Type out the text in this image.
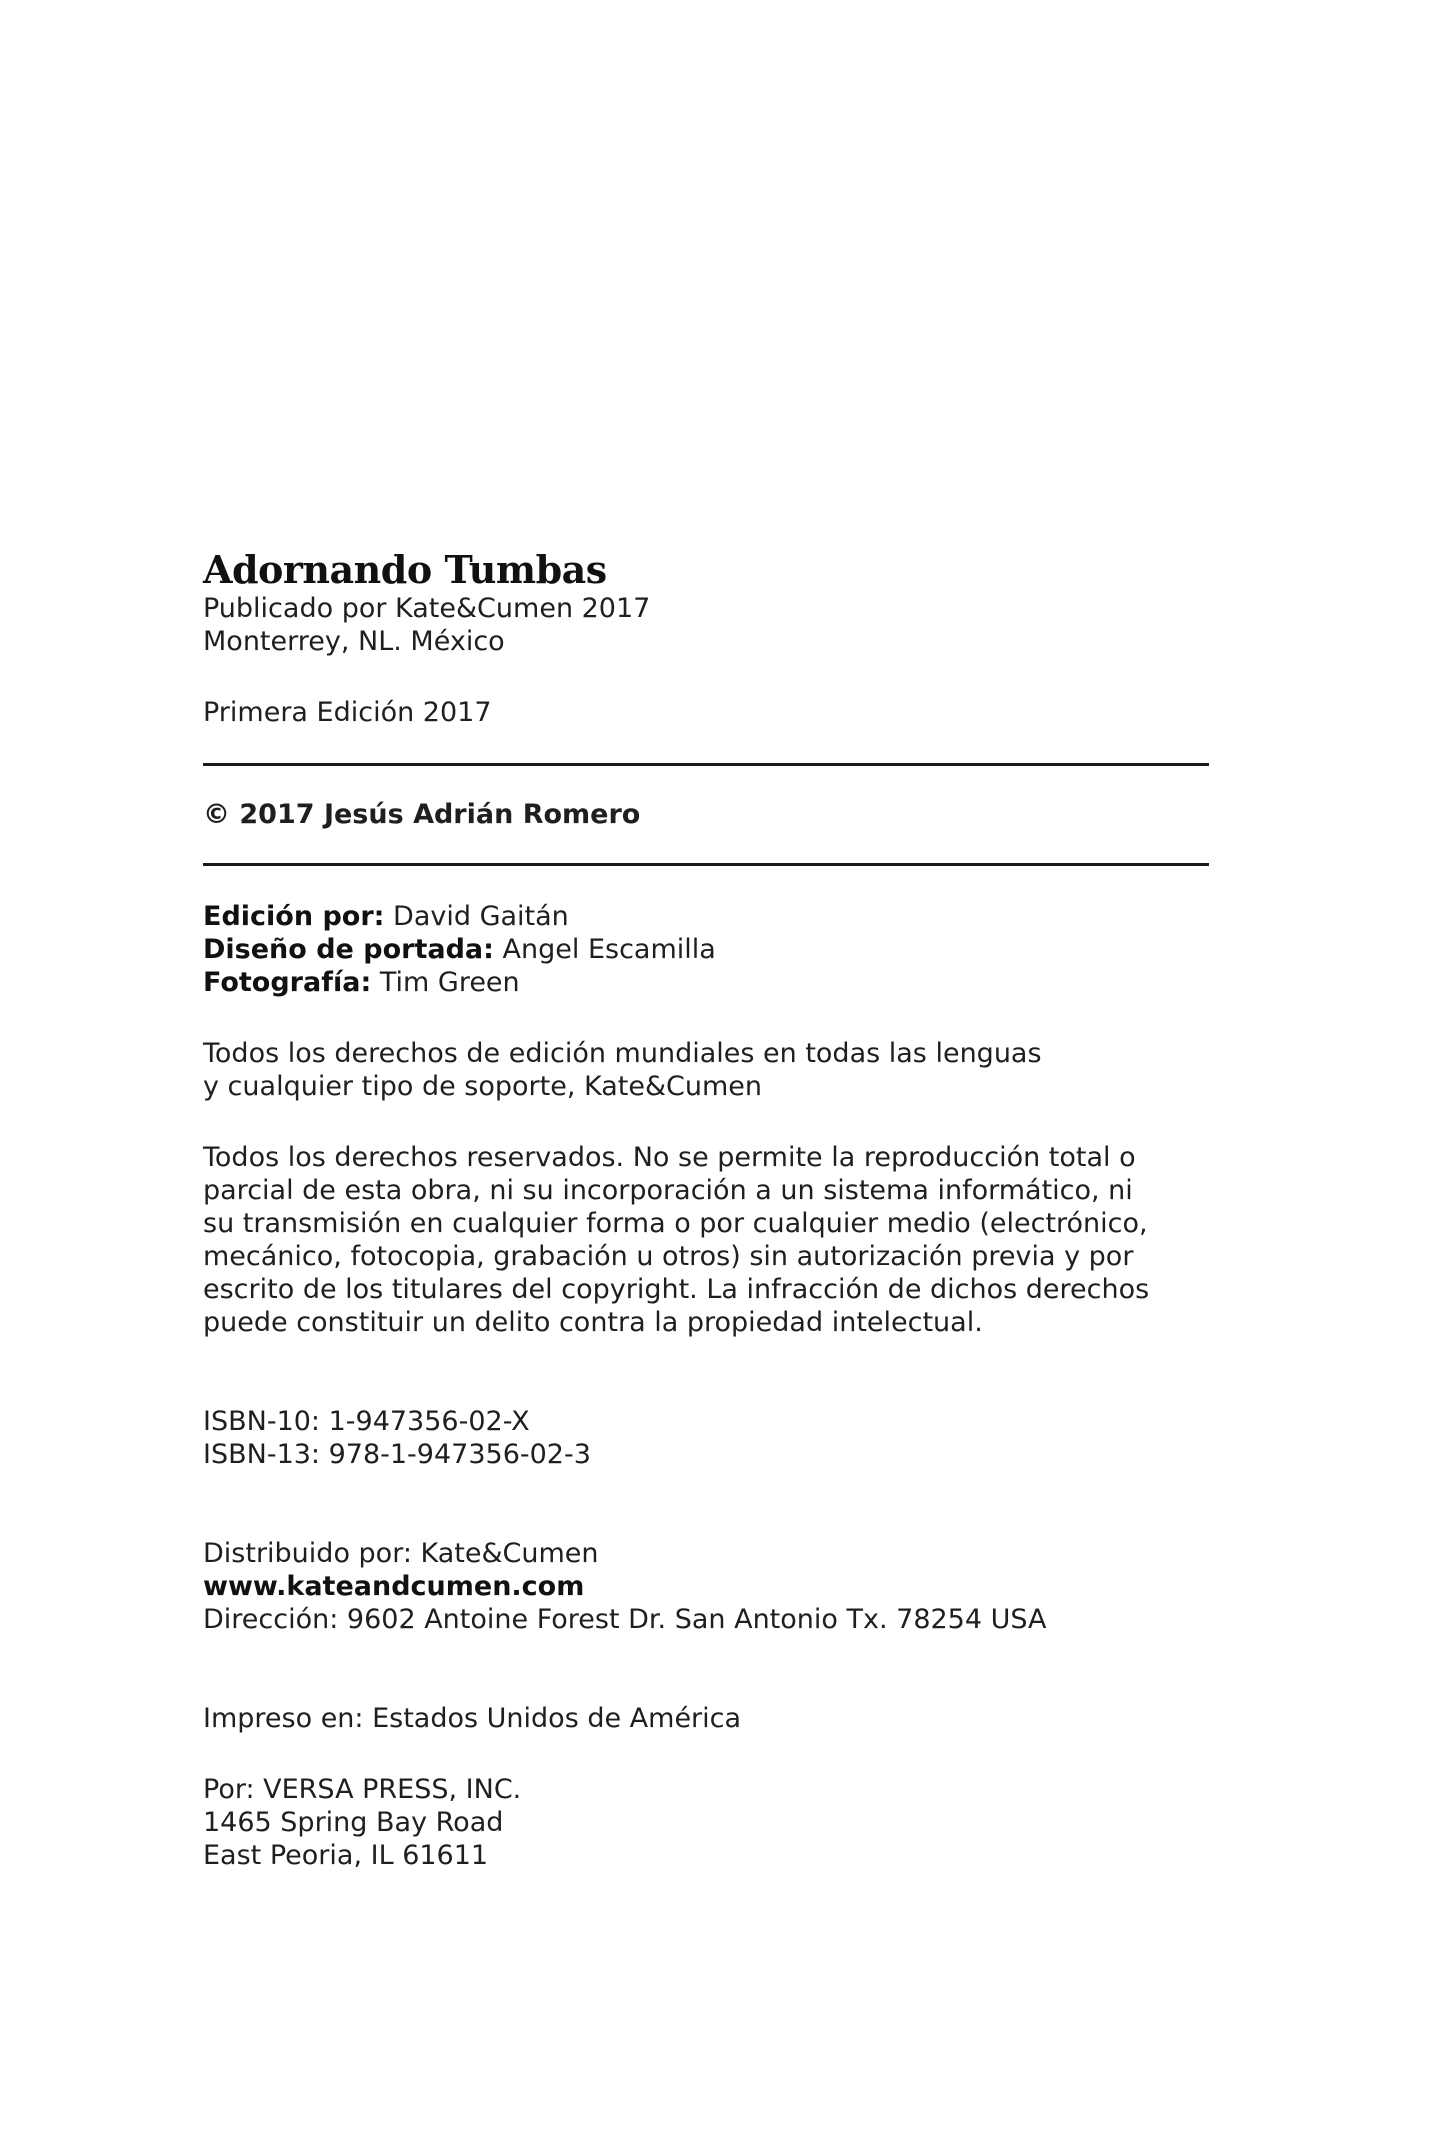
Adornando Tumbas

Publicado por Kate&Cumen 2017

Monterrey, NL. México

Primera Edición 2017

© 2017 Jesús Adrián Romero

Edición por: David Gaitán

Diseño de portada: Angel Escamilla

Fotografía: Tim Green

Todos los derechos de edición mundiales en todas las lenguas

y cualquier tipo de soporte, Kate&Cumen

Todos los derechos reservados. No se permite la reproducción total o

parcial de esta obra, ni su incorporación a un sistema informático, ni

su transmisión en cualquier forma o por cualquier medio (electrónico,

mecánico, fotocopia, grabación u otros) sin autorización previa y por

escrito de los titulares del copyright. La infracción de dichos derechos

puede constituir un delito contra la propiedad intelectual.

ISBN-10: 1-947356-02-X

ISBN-13: 978-1-947356-02-3

Distribuido por: Kate&Cumen

www.kateandcumen.com

Dirección: 9602 Antoine Forest Dr. San Antonio Tx. 78254 USA

Impreso en: Estados Unidos de América

Por: VERSA PRESS, INC.

1465 Spring Bay Road

East Peoria, IL 61611
